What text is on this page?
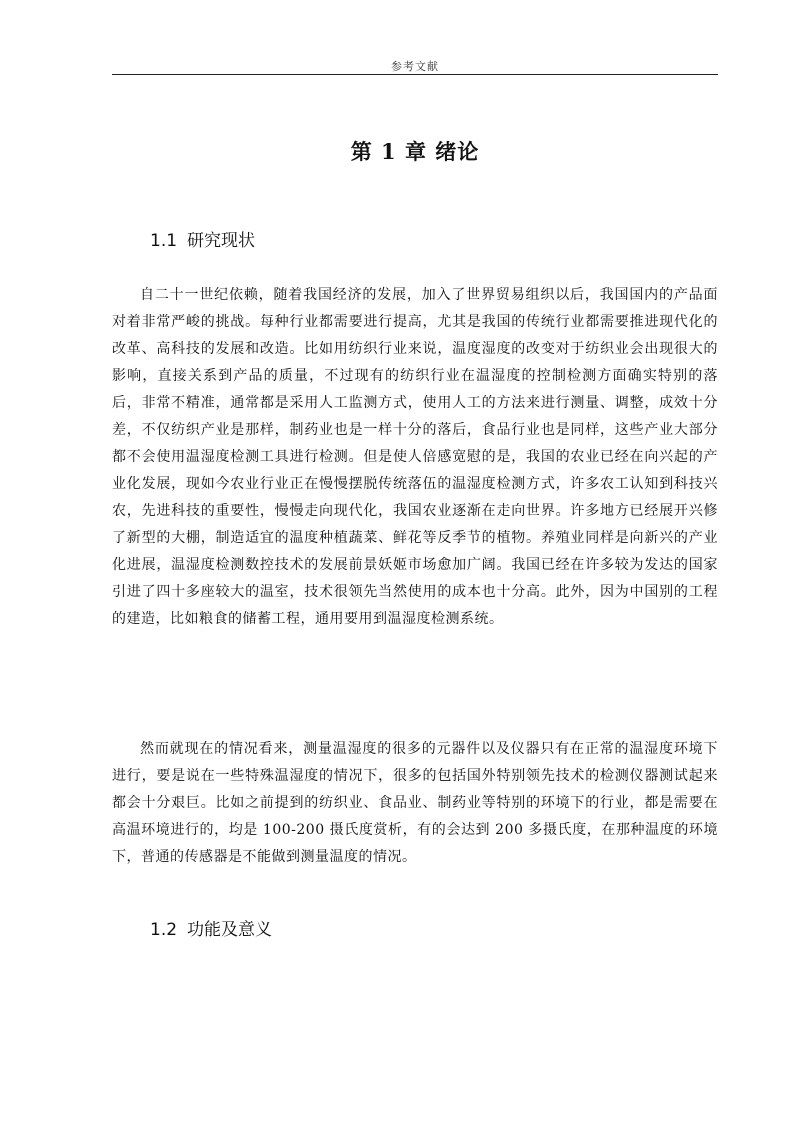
参考文献
第 1 章 绪论
1.1 研究现状

自二十一世纪依赖，随着我国经济的发展，加入了世界贸易组织以后，我国国内的产品面对着非常严峻的挑战。每种行业都需要进行提高，尤其是我国的传统行业都需要推进现代化的改革、高科技的发展和改造。比如用纺织行业来说，温度湿度的改变对于纺织业会出现很大的影响，直接关系到产品的质量，不过现有的纺织行业在温湿度的控制检测方面确实特别的落后，非常不精准，通常都是采用人工监测方式，使用人工的方法来进行测量、调整，成效十分差，不仅纺织产业是那样，制药业也是一样十分的落后，食品行业也是同样，这些产业大部分都不会使用温湿度检测工具进行检测。但是使人倍感宽慰的是，我国的农业已经在向兴起的产业化发展，现如今农业行业正在慢慢摆脱传统落伍的温湿度检测方式，许多农工认知到科技兴农，先进科技的重要性，慢慢走向现代化，我国农业逐渐在走向世界。许多地方已经展开兴修了新型的大棚，制造适宜的温度种植蔬菜、鲜花等反季节的植物。养殖业同样是向新兴的产业化进展，温湿度检测数控技术的发展前景妖姬市场愈加广阔。我国已经在许多较为发达的国家引进了四十多座较大的温室，技术很领先当然使用的成本也十分高。此外，因为中国别的工程的建造，比如粮食的储蓄工程，通用要用到温湿度检测系统。

然而就现在的情况看来，测量温湿度的很多的元器件以及仪器只有在正常的温湿度环境下进行，要是说在一些特殊温湿度的情况下，很多的包括国外特别领先技术的检测仪器测试起来都会十分艰巨。比如之前提到的纺织业、食品业、制药业等特别的环境下的行业，都是需要在高温环境进行的，均是 100-200 摄氏度赏析，有的会达到 200 多摄氏度，在那种温度的环境下，普通的传感器是不能做到测量温度的情况。

1.2 功能及意义
